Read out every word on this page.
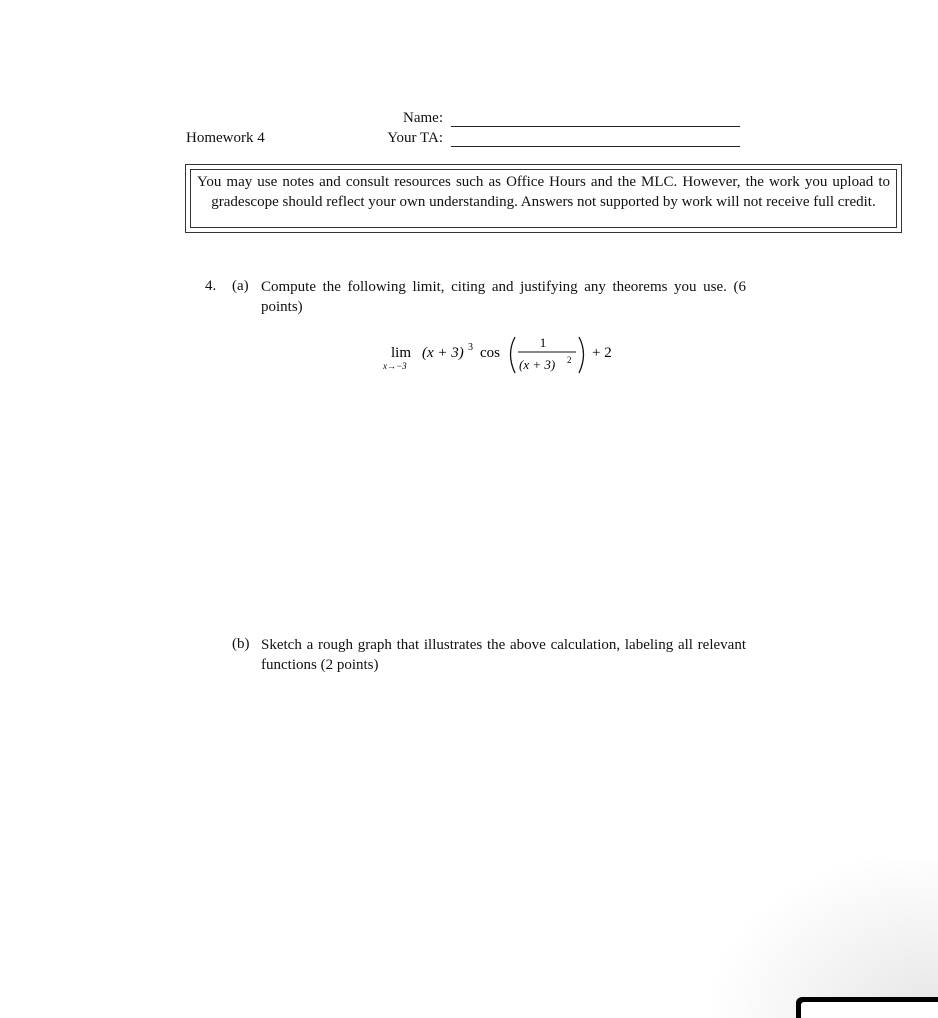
Homework 4
Name:
Your TA:
You may use notes and consult resources such as Office Hours and the MLC. However, the work you upload to gradescope should reflect your own understanding. Answers not supported by work will not receive full credit.
4. (a) Compute the following limit, citing and justifying any theorems you use. (6 points)
lim
x→−3
(x + 3) 3 cos
1
(x + 3) 2 + 2
(b) Sketch a rough graph that illustrates the above calculation, labeling all relevant functions (2 points)
